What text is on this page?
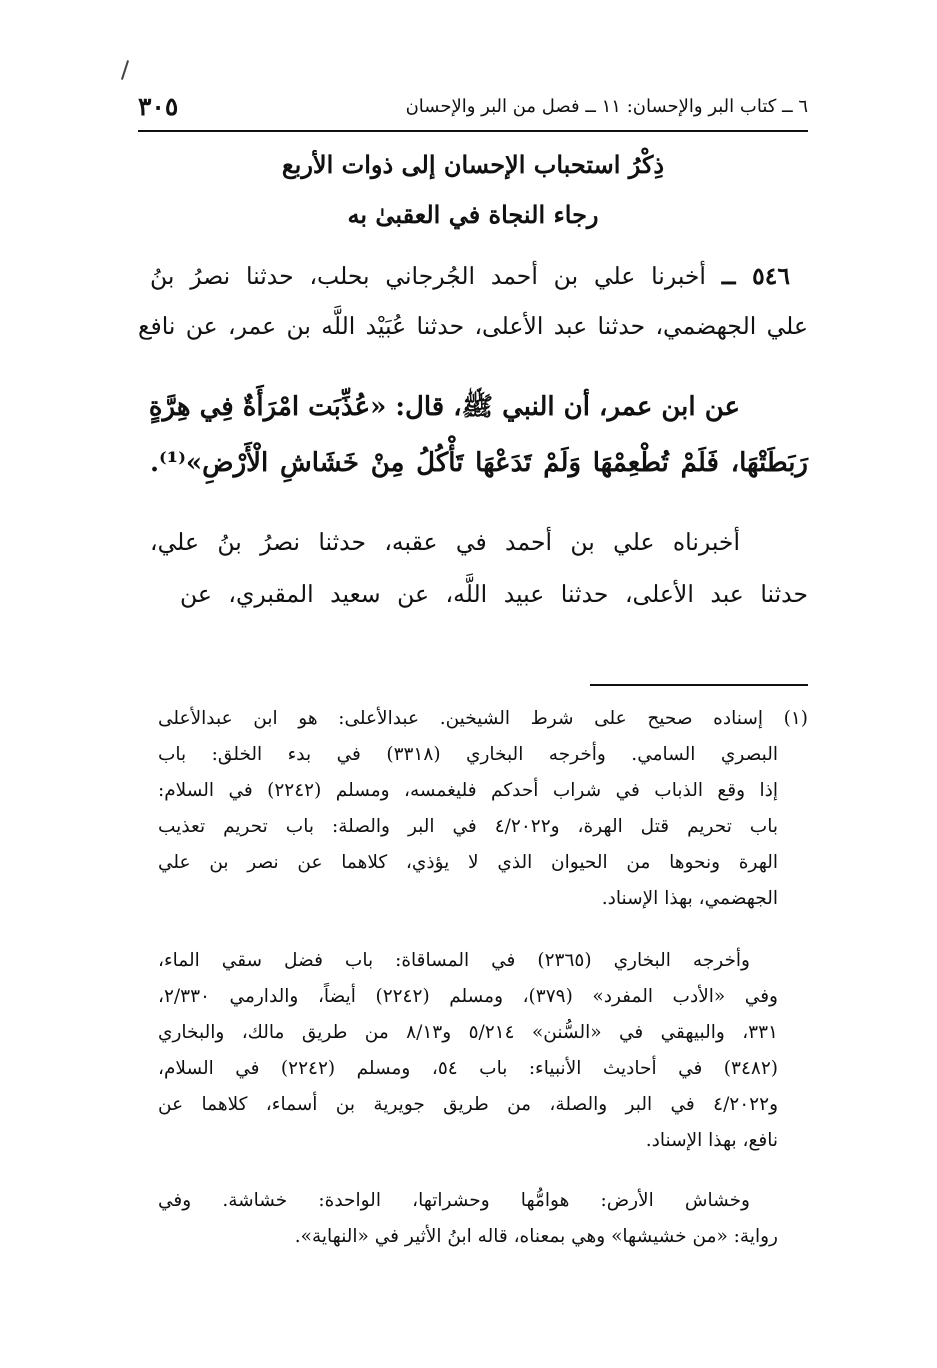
٦ ــ كتاب البر والإحسان: ١١ ــ فصل من البر والإحسان
٣٠٥
ذِكْرُ استحباب الإحسان إلى ذوات الأربع
رجاء النجاة في العقبىٰ به
٥٤٦ ــ أخبرنا علي بن أحمد الجُرجاني بحلب، حدثنا نصرُ بنُ
علي الجهضمي، حدثنا عبد الأعلى، حدثنا عُبَيْد اللَّه بن عمر، عن نافع
عن ابن عمر، أن النبي ﷺ، قال: «عُذِّبَت امْرَأَةٌ فِي هِرَّةٍ
رَبَطَتْهَا، فَلَمْ تُطْعِمْهَا وَلَمْ تَدَعْهَا تَأْكُلُ مِنْ خَشَاشِ الْأَرْضِ»⁽¹⁾.
أخبرناه علي بن أحمد في عقبه، حدثنا نصرُ بنُ علي،
حدثنا عبد الأعلى، حدثنا عبيد اللَّه، عن سعيد المقبري، عن
(١) إسناده صحيح على شرط الشيخين. عبدالأعلى: هو ابن عبدالأعلى
البصري السامي. وأخرجه البخاري (٣٣١٨) في بدء الخلق: باب
إذا وقع الذباب في شراب أحدكم فليغمسه، ومسلم (٢٢٤٢) في السلام:
باب تحريم قتل الهرة، و٤/٢٠٢٢ في البر والصلة: باب تحريم تعذيب
الهرة ونحوها من الحيوان الذي لا يؤذي، كلاهما عن نصر بن علي
الجهضمي، بهذا الإسناد.
وأخرجه البخاري (٢٣٦٥) في المساقاة: باب فضل سقي الماء،
وفي «الأدب المفرد» (٣٧٩)، ومسلم (٢٢٤٢) أيضاً، والدارمي ٢/٣٣٠،
٣٣١، والبيهقي في «السُّنن» ٥/٢١٤ و٨/١٣ من طريق مالك، والبخاري
(٣٤٨٢) في أحاديث الأنبياء: باب ٥٤، ومسلم (٢٢٤٢) في السلام،
و٤/٢٠٢٢ في البر والصلة، من طريق جويرية بن أسماء، كلاهما عن
نافع، بهذا الإسناد.
وخشاش الأرض: هوامُّها وحشراتها، الواحدة: خشاشة. وفي
رواية: «من خشيشها» وهي بمعناه، قاله ابنُ الأثير في «النهاية».
